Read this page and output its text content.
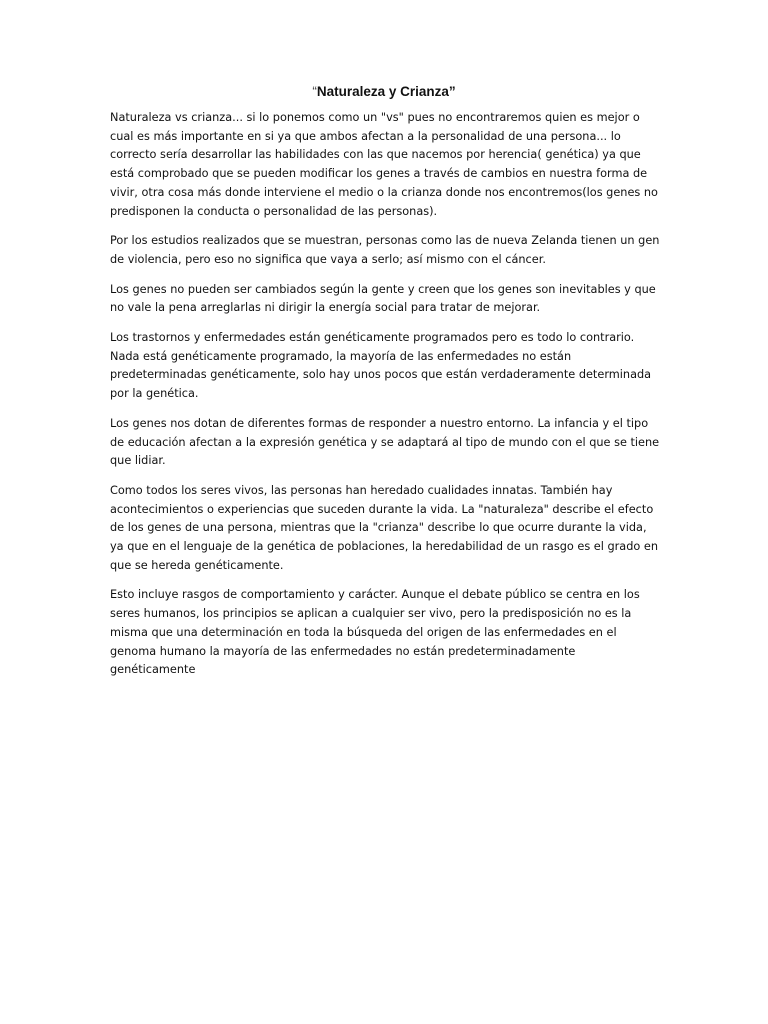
“Naturaleza y Crianza”

Naturaleza vs crianza... si lo ponemos como un "vs" pues no encontraremos quien es mejor o cual es más importante en si ya que ambos afectan a la personalidad de una persona... lo correcto sería desarrollar las habilidades con las que nacemos por herencia( genética) ya que está comprobado que se pueden modificar los genes a través de cambios en nuestra forma de vivir, otra cosa más donde interviene el medio o la crianza donde nos encontremos(los genes no predisponen la conducta o personalidad de las personas).

Por los estudios realizados que se muestran, personas como las de nueva Zelanda tienen un gen de violencia, pero eso no significa que vaya a serlo; así mismo con el cáncer.

Los genes no pueden ser cambiados según la gente y creen que los genes son inevitables y que no vale la pena arreglarlas ni dirigir la energía social para tratar de mejorar.

Los trastornos y enfermedades están genéticamente programados pero es todo lo contrario. Nada está genéticamente programado, la mayoría de las enfermedades no están predeterminadas genéticamente, solo hay unos pocos que están verdaderamente determinada por la genética.

Los genes nos dotan de diferentes formas de responder a nuestro entorno. La infancia y el tipo de educación afectan a la expresión genética y se adaptará al tipo de mundo con el que se tiene que lidiar.

Como todos los seres vivos, las personas han heredado cualidades innatas. También hay acontecimientos o experiencias que suceden durante la vida. La "naturaleza" describe el efecto de los genes de una persona, mientras que la "crianza" describe lo que ocurre durante la vida, ya que en el lenguaje de la genética de poblaciones, la heredabilidad de un rasgo es el grado en que se hereda genéticamente.

Esto incluye rasgos de comportamiento y carácter. Aunque el debate público se centra en los seres humanos, los principios se aplican a cualquier ser vivo, pero la predisposición no es la misma que una determinación en toda la búsqueda del origen de las enfermedades en el genoma humano la mayoría de las enfermedades no están predeterminadamente genéticamente
